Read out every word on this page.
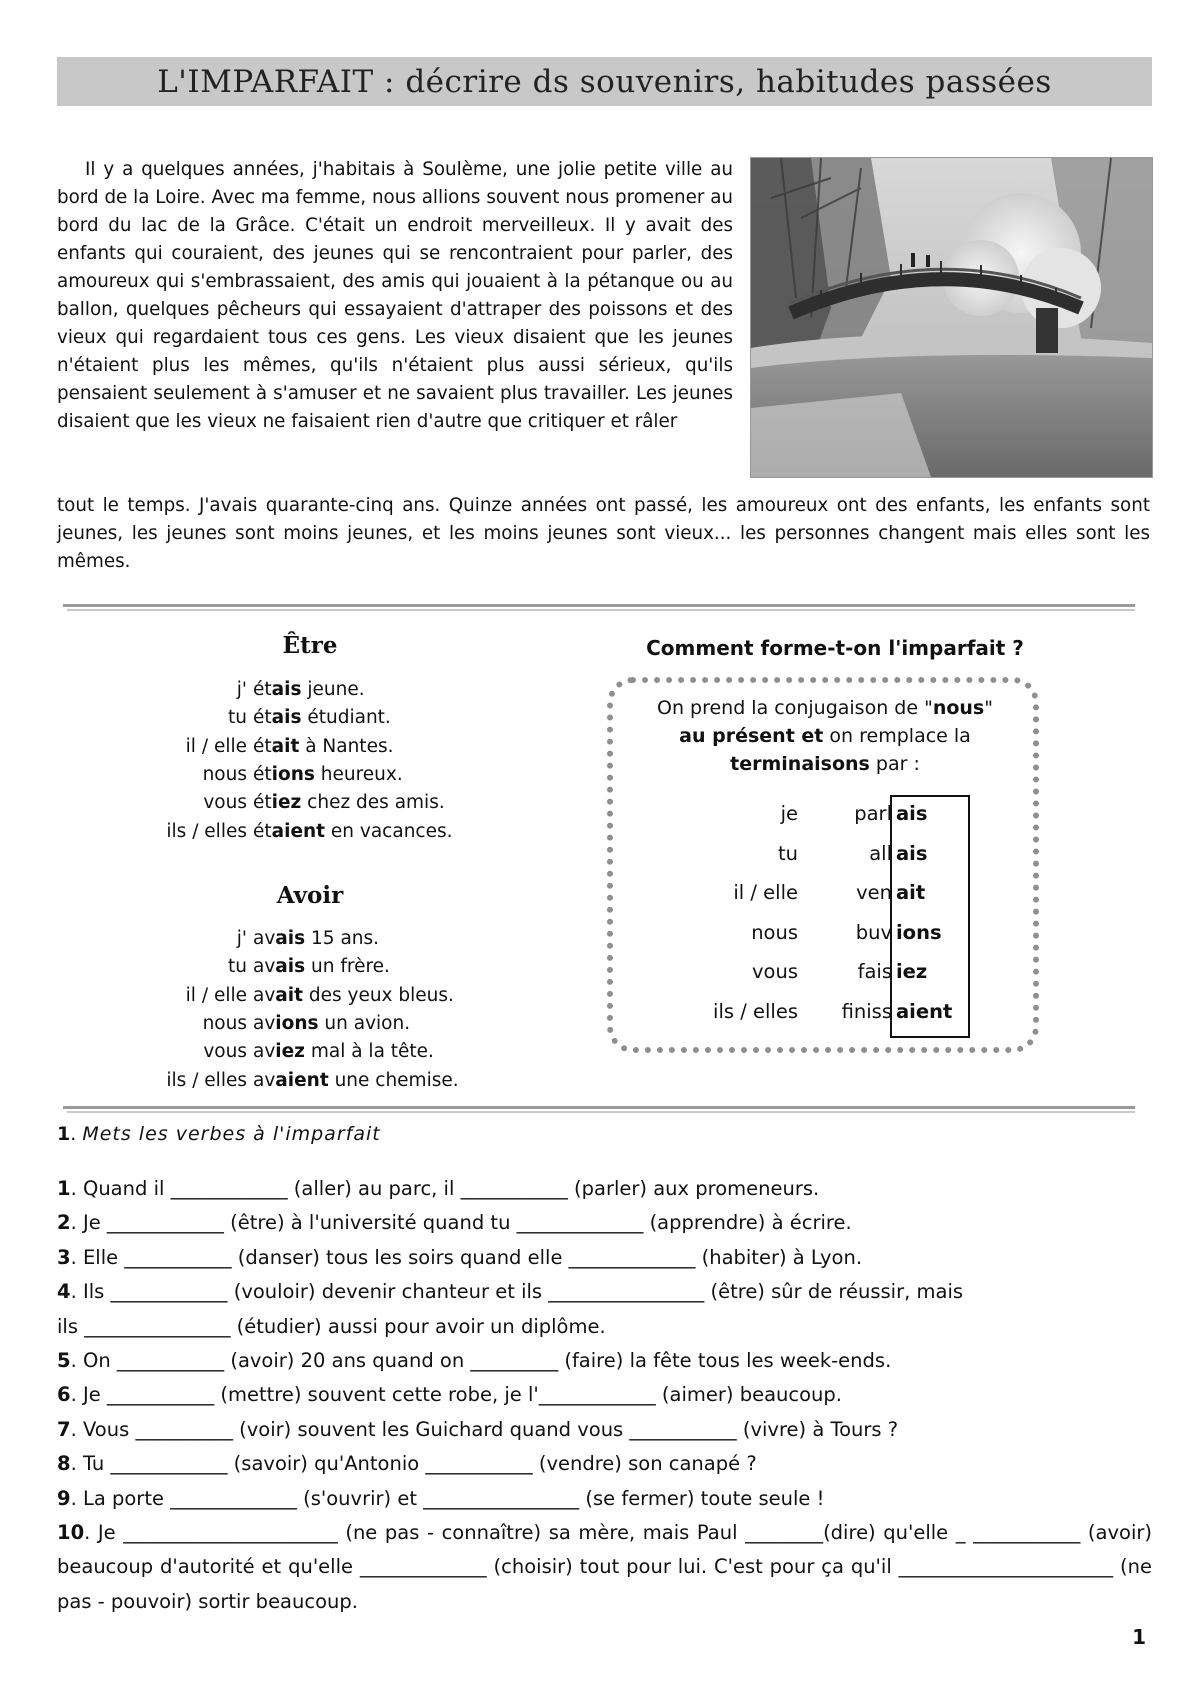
L'IMPARFAIT : décrire ds souvenirs, habitudes passées
Il y a quelques années, j'habitais à Soulème, une jolie petite ville au bord de la Loire. Avec ma femme, nous allions souvent nous promener au bord du lac de la Grâce. C'était un endroit merveilleux. Il y avait des enfants qui couraient, des jeunes qui se rencontraient pour parler, des amoureux qui s'embrassaient, des amis qui jouaient à la pétanque ou au ballon, quelques pêcheurs qui essayaient d'attraper des poissons et des vieux qui regardaient tous ces gens. Les vieux disaient que les jeunes n'étaient plus les mêmes, qu'ils n'étaient plus aussi sérieux, qu'ils pensaient seulement à s'amuser et ne savaient plus travailler. Les jeunes disaient que les vieux ne faisaient rien d'autre que critiquer et râler
tout le temps. J'avais quarante-cinq ans. Quinze années ont passé, les amoureux ont des enfants, les enfants sont jeunes, les jeunes sont moins jeunes, et les moins jeunes sont vieux... les personnes changent mais elles sont les mêmes.
Être
j' étais jeune.
tu étais étudiant.
il / elle était à Nantes.
nous étions heureux.
vous étiez chez des amis.
ils / elles étaient en vacances.
Avoir
j' avais 15 ans.
tu avais un frère.
il / elle avait des yeux bleus.
nous avions un avion.
vous aviez mal à la tête.
ils / elles avaient une chemise.
Comment forme-t-on l'imparfait ?
On prend la conjugaison de "nous"
au présent et on remplace la
terminaisons par :
je	parl ais
tu	all ais
il / elle	ven ait
nous	buv ions
vous	fais iez
ils / elles finiss aient
1. Mets les verbes à l'imparfait
1. Quand il ____________ (aller) au parc, il ___________ (parler) aux promeneurs.
2. Je ____________ (être) à l'université quand tu _____________ (apprendre) à écrire.
3. Elle ___________ (danser) tous les soirs quand elle _____________ (habiter) à Lyon.
4. Ils ____________ (vouloir) devenir chanteur et ils ________________ (être) sûr de réussir, mais
ils _______________ (étudier) aussi pour avoir un diplôme.
5. On ___________ (avoir) 20 ans quand on _________ (faire) la fête tous les week-ends.
6. Je ___________ (mettre) souvent cette robe, je l'____________ (aimer) beaucoup.
7. Vous __________ (voir) souvent les Guichard quand vous ___________ (vivre) à Tours ?
8. Tu ____________ (savoir) qu'Antonio ___________ (vendre) son canapé ?
9. La porte _____________ (s'ouvrir) et ________________ (se fermer) toute seule !
10. Je ______________________ (ne pas - connaître) sa mère, mais Paul ________(dire) qu'elle _ ___________ (avoir) beaucoup d'autorité et qu'elle _____________ (choisir) tout pour lui. C'est pour ça qu'il ______________________ (ne pas - pouvoir) sortir beaucoup.
1
